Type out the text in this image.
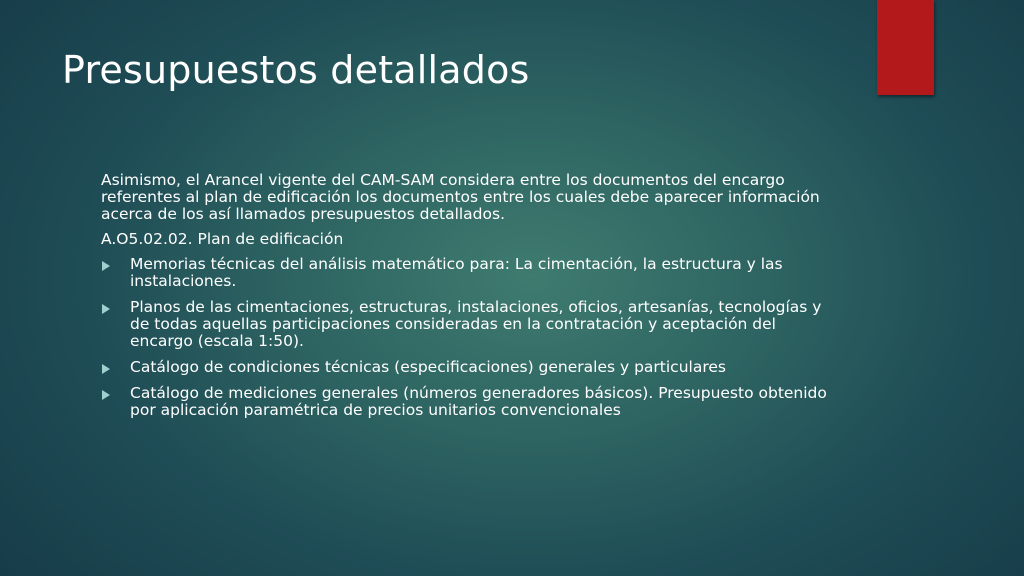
Presupuestos detallados

Asimismo, el Arancel vigente del CAM-SAM considera entre los documentos del encargo referentes al plan de edificación los documentos entre los cuales debe aparecer información acerca de los así llamados presupuestos detallados.

A.O5.02.02. Plan de edificación

Memorias técnicas del análisis matemático para: La cimentación, la estructura y las instalaciones.
Planos de las cimentaciones, estructuras, instalaciones, oficios, artesanías, tecnologías y de todas aquellas participaciones consideradas en la contratación y aceptación del encargo (escala 1:50).
Catálogo de condiciones técnicas (especificaciones) generales y particulares
Catálogo de mediciones generales (números generadores básicos). Presupuesto obtenido por aplicación paramétrica de precios unitarios convencionales
